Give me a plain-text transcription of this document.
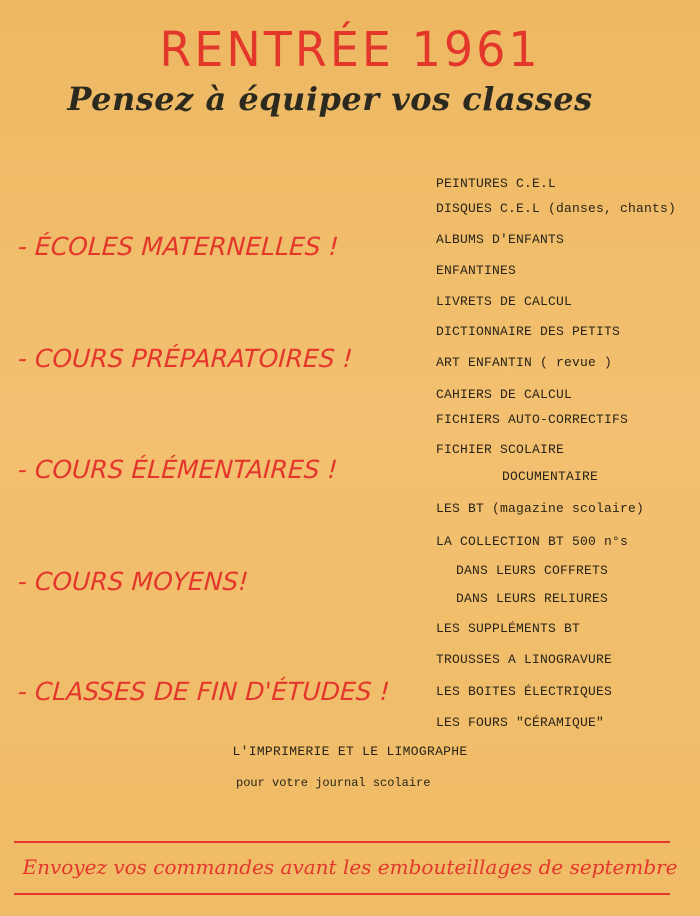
RENTRÉE 1961
Pensez à équiper vos classes
- ÉCOLES MATERNELLES !
- COURS PRÉPARATOIRES !
- COURS ÉLÉMENTAIRES !
- COURS MOYENS!
- CLASSES DE FIN D'ÉTUDES !
PEINTURES C.E.L
DISQUES C.E.L (danses, chants)
ALBUMS D'ENFANTS
ENFANTINES
LIVRETS DE CALCUL
DICTIONNAIRE DES PETITS
ART ENFANTIN ( revue )
CAHIERS DE CALCUL
FICHIERS AUTO-CORRECTIFS
FICHIER SCOLAIRE
DOCUMENTAIRE
LES BT (magazine scolaire)
LA COLLECTION BT 500 n°s
DANS LEURS COFFRETS
DANS LEURS RELIURES
LES SUPPLÉMENTS BT
TROUSSES A LINOGRAVURE
LES BOITES ÉLECTRIQUES
LES FOURS "CÉRAMIQUE"
L'IMPRIMERIE ET LE LIMOGRAPHE
pour votre journal scolaire
Envoyez vos commandes avant les embouteillages de septembre
